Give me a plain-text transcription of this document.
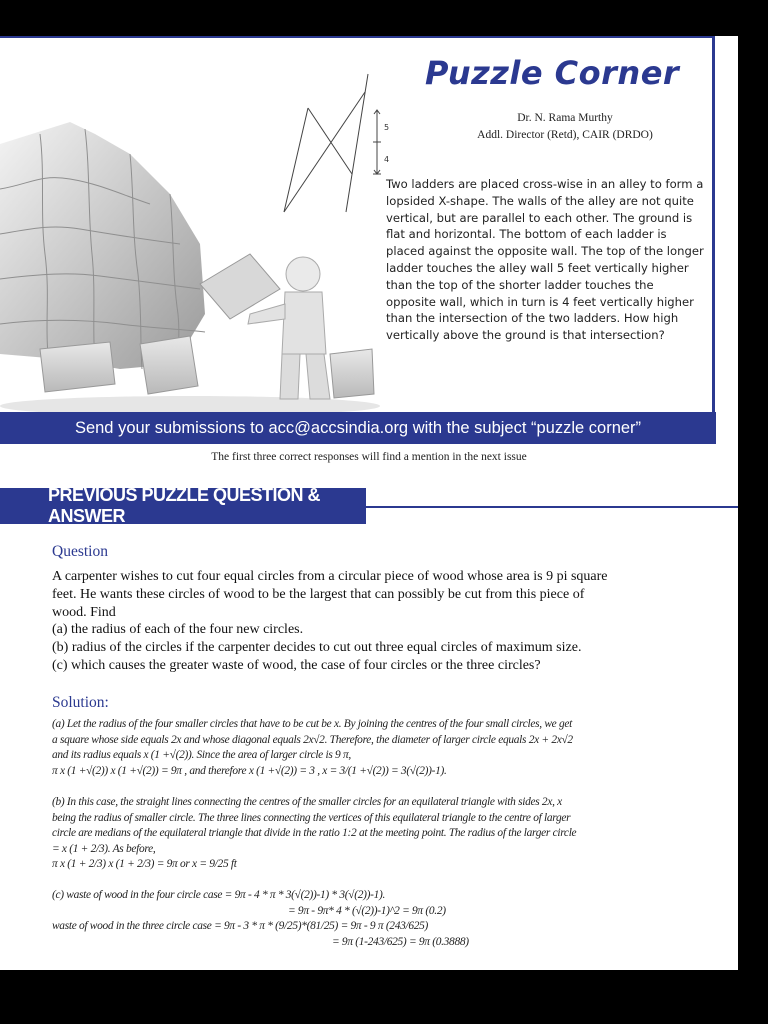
5
4
Puzzle Corner
Dr. N. Rama Murthy
Addl. Director (Retd), CAIR (DRDO)
Two ladders are placed cross-wise in an alley to form a lopsided X-shape. The walls of the alley are not quite vertical, but are parallel to each other. The ground is flat and horizontal. The bottom of each ladder is placed against the opposite wall. The top of the longer ladder touches the alley wall 5 feet vertically higher than the top of the shorter ladder touches the opposite wall, which in turn is 4 feet vertically higher than the intersection of the two ladders. How high vertically above the ground is that intersection?
Send your submissions to acc@accsindia.org with the subject “puzzle corner”
The first three correct responses will find a mention in the next issue
PREVIOUS PUZZLE QUESTION & ANSWER
Question
A carpenter wishes to cut four equal circles from a circular piece of wood whose area is 9 pi square
feet. He wants these circles of wood to be the largest that can possibly be cut from this piece of
wood. Find
(a) the radius of each of the four new circles.
(b) radius of the circles if the carpenter decides to cut out three equal circles of maximum size.
(c) which causes the greater waste of wood, the case of four circles or the three circles?
Solution:
(a) Let the radius of the four smaller circles that have to be cut be x. By joining the centres of the four small circles, we get
a square whose side equals 2x and whose diagonal equals 2x√2. Therefore, the diameter of larger circle equals 2x + 2x√2
and its radius equals x (1 +√(2)). Since the area of larger circle is 9 π,
π x (1 +√(2)) x (1 +√(2)) = 9π , and therefore x (1 +√(2)) = 3 , x = 3/(1 +√(2)) = 3(√(2))-1).
(b) In this case, the straight lines connecting the centres of the smaller circles for an equilateral triangle with sides 2x, x
being the radius of smaller circle. The three lines connecting the vertices of this equilateral triangle to the centre of larger
circle are medians of the equilateral triangle that divide in the ratio 1:2 at the meeting point. The radius of the larger circle
= x (1 + 2/3). As before,
π x (1 + 2/3) x (1 + 2/3) = 9π or x = 9/25 ft
(c) waste of wood in the four circle case = 9π - 4 * π * 3(√(2))-1) * 3(√(2))-1).
= 9π - 9π* 4 * (√(2))-1)^2 = 9π (0.2)
waste of wood in the three circle case = 9π - 3 * π * (9/25)*(81/25) = 9π - 9 π (243/625)
= 9π (1-243/625) = 9π (0.3888)
